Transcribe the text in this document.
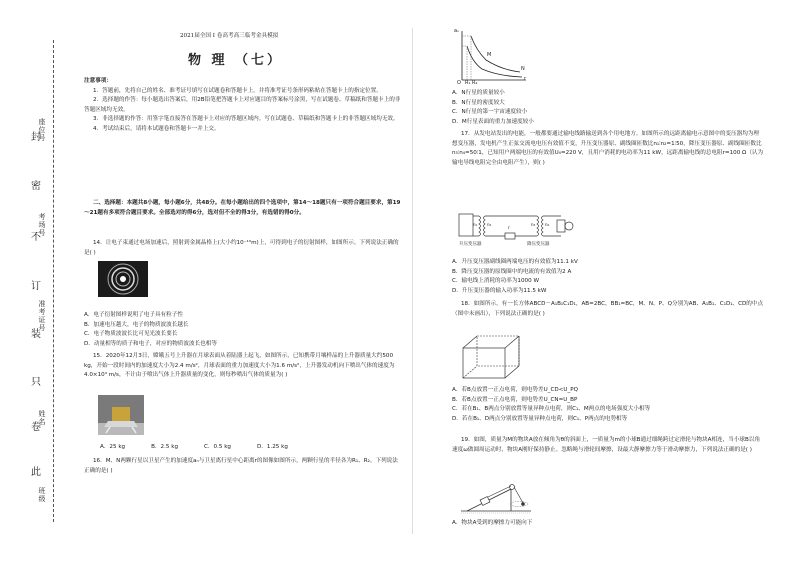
封
密
不
订
装
只
卷
此
座位号
考场号
准考证号
姓名
班级
2021届全国 I 卷高考高三临考金具模拟
物 理 （七）
注意事项：
1．答题前，先将自己的姓名、准考证号填写在试题卷和答题卡上，并将准考证号条形码粘贴在答题卡上的指定位置。
2．选择题的作答：每小题选出答案后，用2B铅笔把答题卡上对应题目的答案标号涂黑，写在试题卷、草稿纸和答题卡上的非答题区域均无效。
3．非选择题的作答：用签字笔直接答在答题卡上对应的答题区域内。写在试题卷、草稿纸和答题卡上的非答题区域均无效。
4．考试结束后，请将本试题卷和答题卡一并上交。
二、选择题：本题共8小题，每小题6分，共48分。在每小题给出的四个选项中，第14～18题只有一项符合题目要求，第19～21题有多项符合题目要求。全部选对的得6分，选对但不全的得3分，有选错的得0分。
14．让电子束通过电场加速后，照射到金属晶格上(大小约10⁻¹⁰m)上，可得到电子的衍射图样，如图所示。下列说法正确的是( )
A．电子衍射图样说明了电子具有粒子性
B．加速电压越大，电子的物质波波长越长
C．电子物质波波长比可见光波长要长
D．动量相等的质子和电子，对应的物质波波长也相等
15．2020年12月3日，嫦娥五号上升器在月球表面从着陆器上起飞，如图所示，已知携带月壤样品的上升器质量大约500 kg，开始一段时间内的加速度大小为2.4 m/s²，月球表面的重力加速度大小为1.6 m/s²，上升器发动机向下喷出气体的速度为4.0×10³ m/s，不计由于喷出气体上升器质量的变化，则每秒喷出气体的质量为( )
A．25 kg	B．2.5 kg	C．0.5 kg	D．1.25 kg
16．M、N两颗行星以卫星产生的加速度aₙ与卫星离行星中心距离r的图像如图所示，两颗行星的半径各为R₁、R₂。下列说法正确的是( )
aₙ
r
O R₁ R₂
M
N
A．N行星的质量较小
B．N行星的密度较大
C．N行星的第一宇宙速度较小
D．M行星表面的重力加速度较小
17．从发电站发出的电能，一般都要通过输电线路输送到各个用电地方。如图所示的远距离输电示意图中的变压器均为理想变压器，发电机产生正弦交流电电压有效值不变，升压变压器原、副线圈匝数比n₁∶n₂=1∶50，降压变压器原、副线圈匝数比n₃∶n₄=50∶1，已知用户两端电压的有效值U₄=220 V，且用户消耗的电功率为11 kW，远距离输电线的总电阻r=100 Ω（认为输电导线电阻完全由电阻产生），则( )
升压变压器	降压变压器
r
n₁ n₂	n₃ n₄
A．升压变压器副线圈两端电压的有效值为11.1 kV
B．降压变压器的原线圈中的电流的有效值为2 A
C．输电线上消耗的功率为1000 W
D．升压变压器的输入功率为11.5 kW
18．如图所示，有一长方体ABCD－A₁B₁C₁D₁，AB=2BC，BB₁=BC，M、N、P、Q分别为AB、A₁B₁、C₁D₁、CD的中点（图中未画出），下列说法正确的是( )
A．若B点放置一正点电荷，则电势差U_CD<U_PQ
B．若B点放置一正点电荷，则电势差U_CN=U_BP
C．若在B₁、B两点分别放置等量异种点电荷，则C₁、M两点的电场强度大小相等
D．若在B₁、D两点分别放置等量异种点电荷，则C₁、P两点的电势相等
19．如图，质量为M的物块A放在倾角为θ的斜面上，一质量为m的小球B通过细绳跨过定滑轮与物块A相连，当小球B以角速度ω做圆周运动时，物块A刚好保持静止。忽略绳与滑轮间摩擦，设最大静摩擦力等于滑动摩擦力，下列说法正确的是( )
A．物块A受到的摩擦力可能向下
